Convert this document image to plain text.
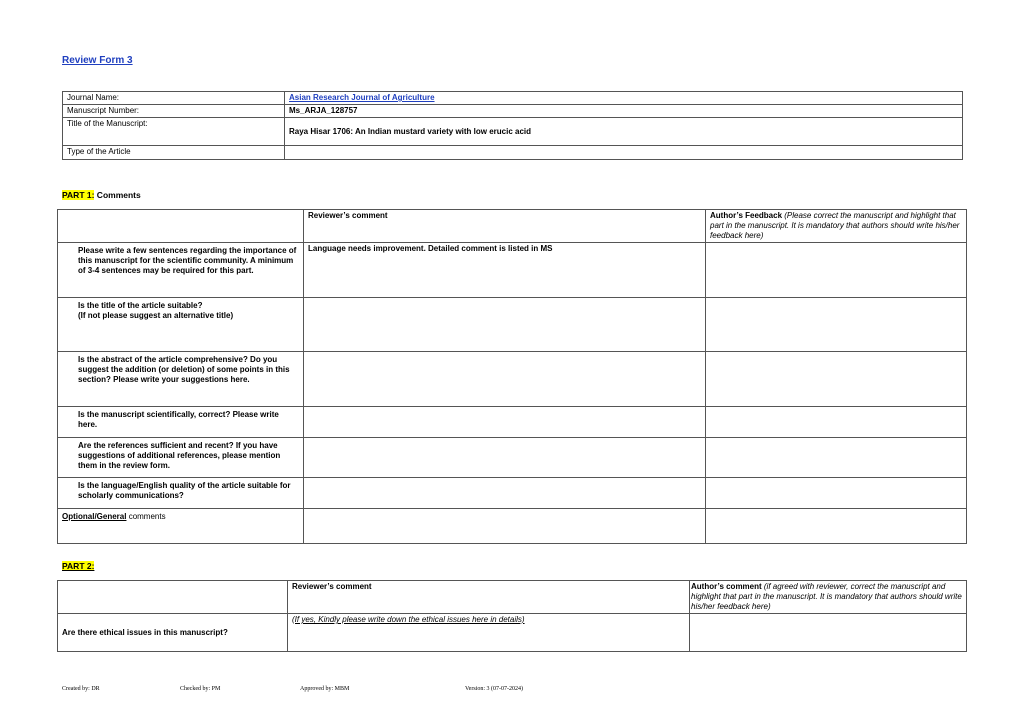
Review Form 3
Journal Name:	Asian Research Journal of Agriculture
Manuscript Number:	Ms_ARJA_128757
Title of the Manuscript:	Raya Hisar 1706: An Indian mustard variety with low erucic acid
Type of the Article	
PART 1: Comments
	Reviewer’s comment	Author’s Feedback (Please correct the manuscript and highlight that part in the manuscript. It is mandatory that authors should write his/her feedback here)
Please write a few sentences regarding the importance of this manuscript for the scientific community. A minimum of 3-4 sentences may be required for this part.	Language needs improvement. Detailed comment is listed in MS	
Is the title of the article suitable?
(If not please suggest an alternative title)		
Is the abstract of the article comprehensive? Do you suggest the addition (or deletion) of some points in this section? Please write your suggestions here.		
Is the manuscript scientifically, correct? Please write here.		
Are the references sufficient and recent? If you have suggestions of additional references, please mention them in the review form.		
Is the language/English quality of the article suitable for scholarly communications?		
Optional/General comments		
PART 2:
	Reviewer’s comment	Author’s comment (if agreed with reviewer, correct the manuscript and highlight that part in the manuscript. It is mandatory that authors should write his/her feedback here)
Are there ethical issues in this manuscript?	(If yes, Kindly please write down the ethical issues here in details)	
Created by: DR	Checked by: PM	Approved by: MBM	Version: 3 (07-07-2024)
